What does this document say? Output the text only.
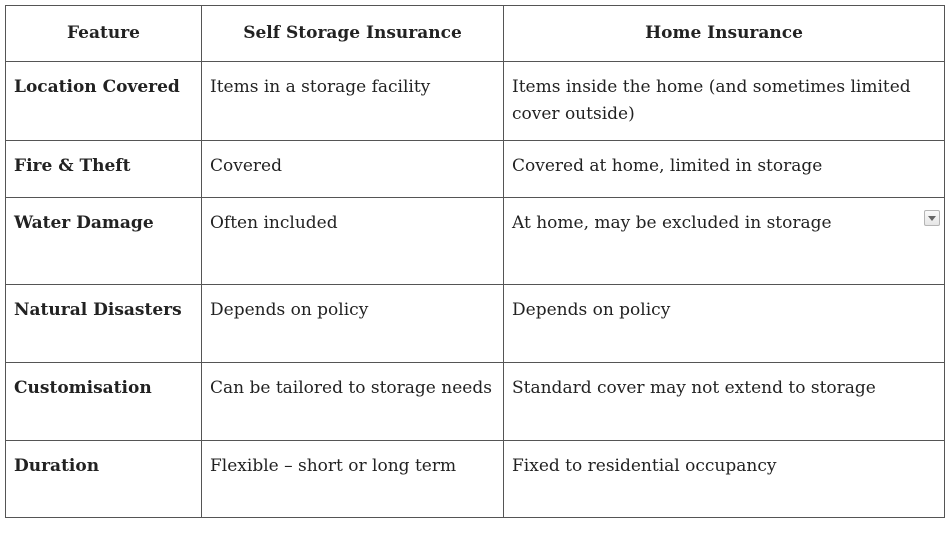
Feature	Self Storage Insurance	Home Insurance
Location Covered	Items in a storage facility	Items inside the home (and sometimes limited cover outside)
Fire & Theft	Covered	Covered at home, limited in storage
Water Damage	Often included	At home, may be excluded in storage

Natural Disasters	Depends on policy	Depends on policy
Customisation	Can be tailored to storage needs	Standard cover may not extend to storage
Duration	Flexible – short or long term	Fixed to residential occupancy
